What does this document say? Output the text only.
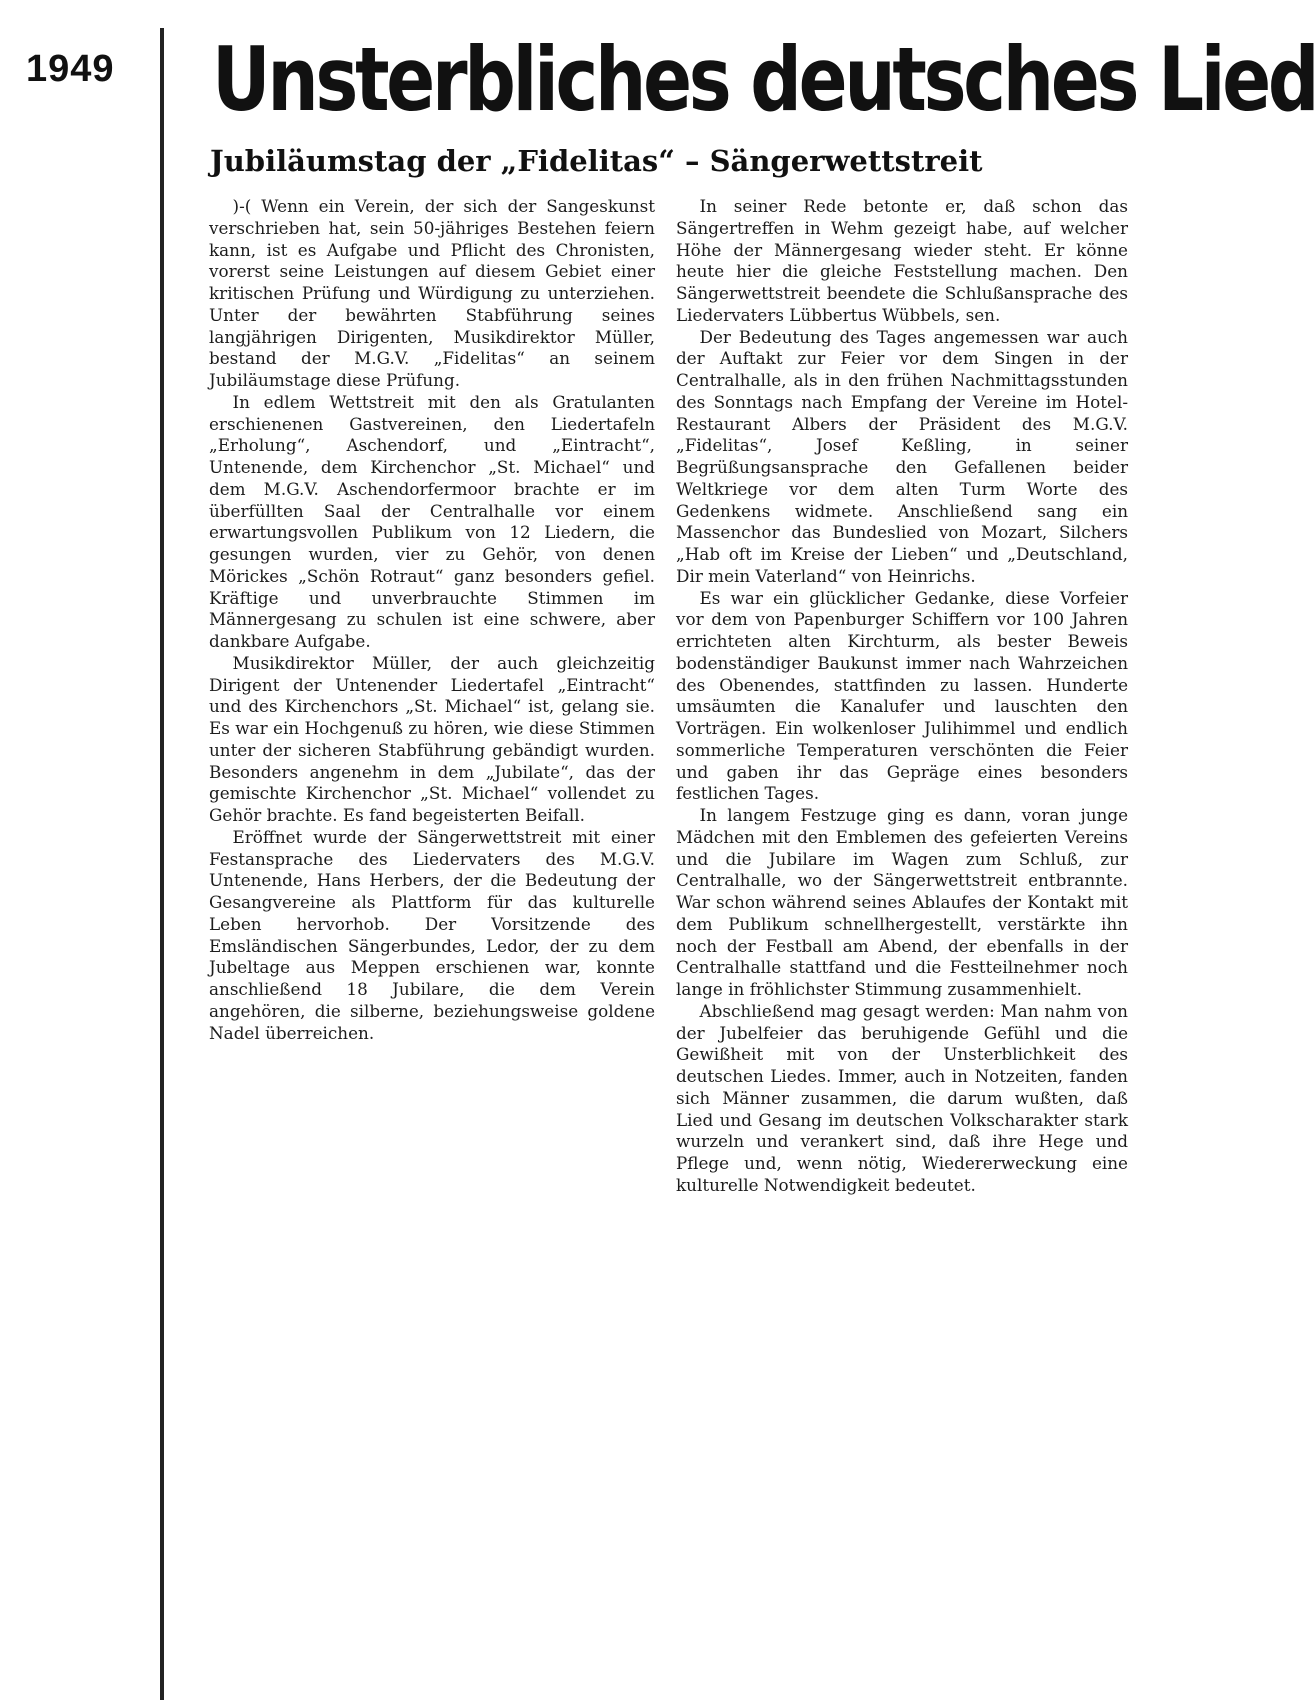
1949 Unsterbliches deutsches Lied
Jubiläumstag der „Fidelitas“ – Sängerwettstreit

)-( Wenn ein Verein, der sich der Sangeskunst verschrieben hat, sein 50-jähriges Bestehen feiern kann, ist es Aufgabe und Pflicht des Chronisten, vorerst seine Leistungen auf diesem Gebiet einer kritischen Prüfung und Würdigung zu unterziehen. Unter der bewährten Stabführung seines langjährigen Dirigenten, Musikdirektor Müller, bestand der M.G.V. „Fidelitas“ an seinem Jubiläumstage diese Prüfung.

In edlem Wettstreit mit den als Gratulanten erschienenen Gastvereinen, den Liedertafeln „Erholung“, Aschendorf, und „Eintracht“, Untenende, dem Kirchenchor „St. Michael“ und dem M.G.V. Aschendorfermoor brachte er im überfüllten Saal der Centralhalle vor einem erwartungsvollen Publikum von 12 Liedern, die gesungen wurden, vier zu Gehör, von denen Mörickes „Schön Rotraut“ ganz besonders gefiel. Kräftige und unverbrauchte Stimmen im Männergesang zu schulen ist eine schwere, aber dankbare Aufgabe.

Musikdirektor Müller, der auch gleichzeitig Dirigent der Untenender Liedertafel „Eintracht“ und des Kirchenchors „St. Michael“ ist, gelang sie. Es war ein Hochgenuß zu hören, wie diese Stimmen unter der sicheren Stabführung gebändigt wurden. Besonders angenehm in dem „Jubilate“, das der gemischte Kirchenchor „St. Michael“ vollendet zu Gehör brachte. Es fand begeisterten Beifall.

Eröffnet wurde der Sängerwettstreit mit einer Festansprache des Liedervaters des M.G.V. Untenende, Hans Herbers, der die Bedeutung der Gesangvereine als Plattform für das kulturelle Leben hervorhob. Der Vorsitzende des Emsländischen Sängerbundes, Ledor, der zu dem Jubeltage aus Meppen erschienen war, konnte anschließend 18 Jubilare, die dem Verein angehören, die silberne, beziehungsweise goldene Nadel überreichen.

In seiner Rede betonte er, daß schon das Sängertreffen in Wehm gezeigt habe, auf welcher Höhe der Männergesang wieder steht. Er könne heute hier die gleiche Feststellung machen. Den Sängerwettstreit beendete die Schlußansprache des Liedervaters Lübbertus Wübbels, sen.

Der Bedeutung des Tages angemessen war auch der Auftakt zur Feier vor dem Singen in der Centralhalle, als in den frühen Nachmittagsstunden des Sonntags nach Empfang der Vereine im Hotel-Restaurant Albers der Präsident des M.G.V. „Fidelitas“, Josef Keßling, in seiner Begrüßungsansprache den Gefallenen beider Weltkriege vor dem alten Turm Worte des Gedenkens widmete. Anschließend sang ein Massenchor das Bundeslied von Mozart, Silchers „Hab oft im Kreise der Lieben“ und „Deutschland, Dir mein Vaterland“ von Heinrichs.

Es war ein glücklicher Gedanke, diese Vorfeier vor dem von Papenburger Schiffern vor 100 Jahren errichteten alten Kirchturm, als bester Beweis bodenständiger Baukunst immer nach Wahrzeichen des Obenendes, stattfinden zu lassen. Hunderte umsäumten die Kanalufer und lauschten den Vorträgen. Ein wolkenloser Julihimmel und endlich sommerliche Temperaturen verschönten die Feier und gaben ihr das Gepräge eines besonders festlichen Tages.

In langem Festzuge ging es dann, voran junge Mädchen mit den Emblemen des gefeierten Vereins und die Jubilare im Wagen zum Schluß, zur Centralhalle, wo der Sängerwettstreit entbrannte. War schon während seines Ablaufes der Kontakt mit dem Publikum schnellhergestellt, verstärkte ihn noch der Festball am Abend, der ebenfalls in der Centralhalle stattfand und die Festteilnehmer noch lange in fröhlichster Stimmung zusammenhielt.

Abschließend mag gesagt werden: Man nahm von der Jubelfeier das beruhigende Gefühl und die Gewißheit mit von der Unsterblichkeit des deutschen Liedes. Immer, auch in Notzeiten, fanden sich Männer zusammen, die darum wußten, daß Lied und Gesang im deutschen Volkscharakter stark wurzeln und verankert sind, daß ihre Hege und Pflege und, wenn nötig, Wiedererweckung eine kulturelle Notwendigkeit bedeutet.
